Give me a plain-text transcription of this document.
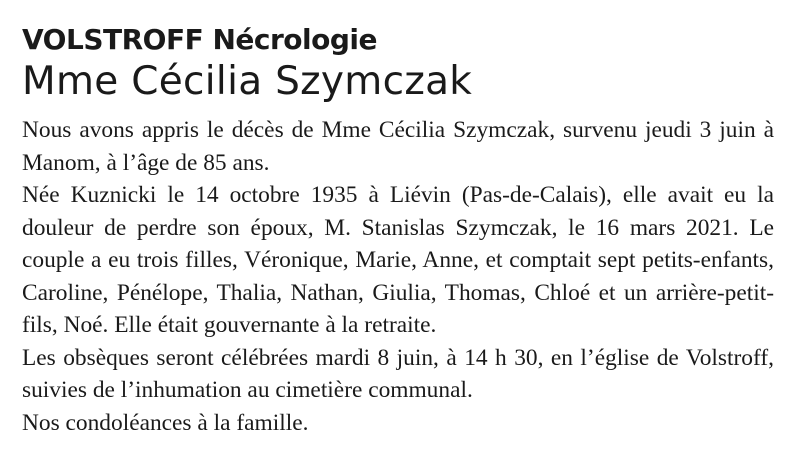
VOLSTROFF Nécrologie
Mme Cécilia Szymczak

Nous avons appris le décès de Mme Cécilia Szymczak, survenu jeudi 3 juin à Manom, à l’âge de 85 ans.

Née Kuznicki le 14 octobre 1935 à Liévin (Pas-de-Calais), elle avait eu la douleur de perdre son époux, M. Stanislas Szymczak, le 16 mars 2021. Le couple a eu trois filles, Véronique, Marie, Anne, et comptait sept petits-enfants, Caroline, Pénélope, Thalia, Nathan, Giulia, Thomas, Chloé et un arrière-petit-fils, Noé. Elle était gouvernante à la retraite.

Les obsèques seront célébrées mardi 8 juin, à 14 h 30, en l’église de Volstroff, suivies de l’inhumation au cimetière communal.

Nos condoléances à la famille.
